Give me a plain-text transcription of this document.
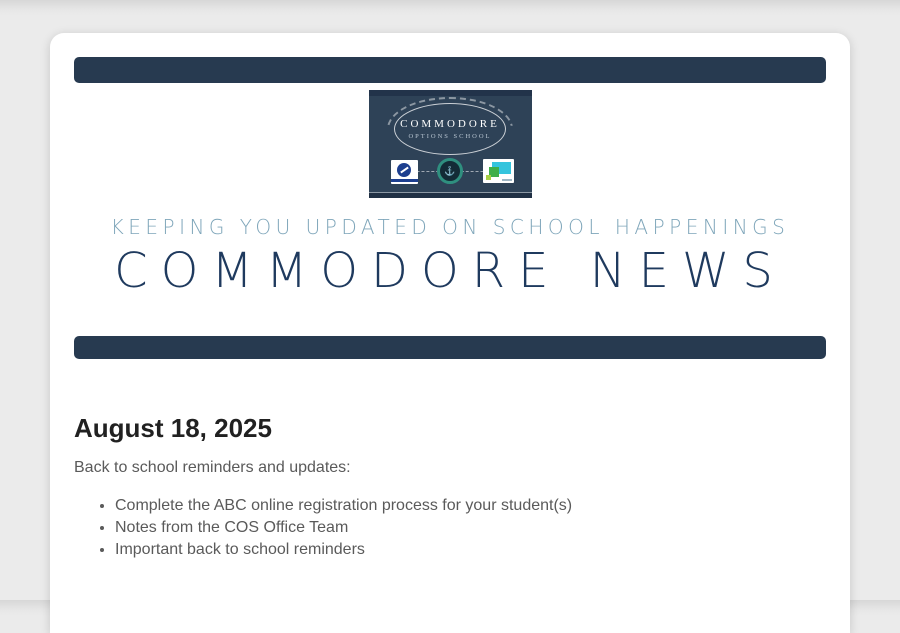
COMMODORE
OPTIONS SCHOOL
⚓
KEEPING YOU UPDATED ON SCHOOL HAPPENINGS
COMMODORE NEWS
August 18, 2025

Back to school reminders and updates:

• Complete the ABC online registration process for your student(s)
• Notes from the COS Office Team
• Important back to school reminders
